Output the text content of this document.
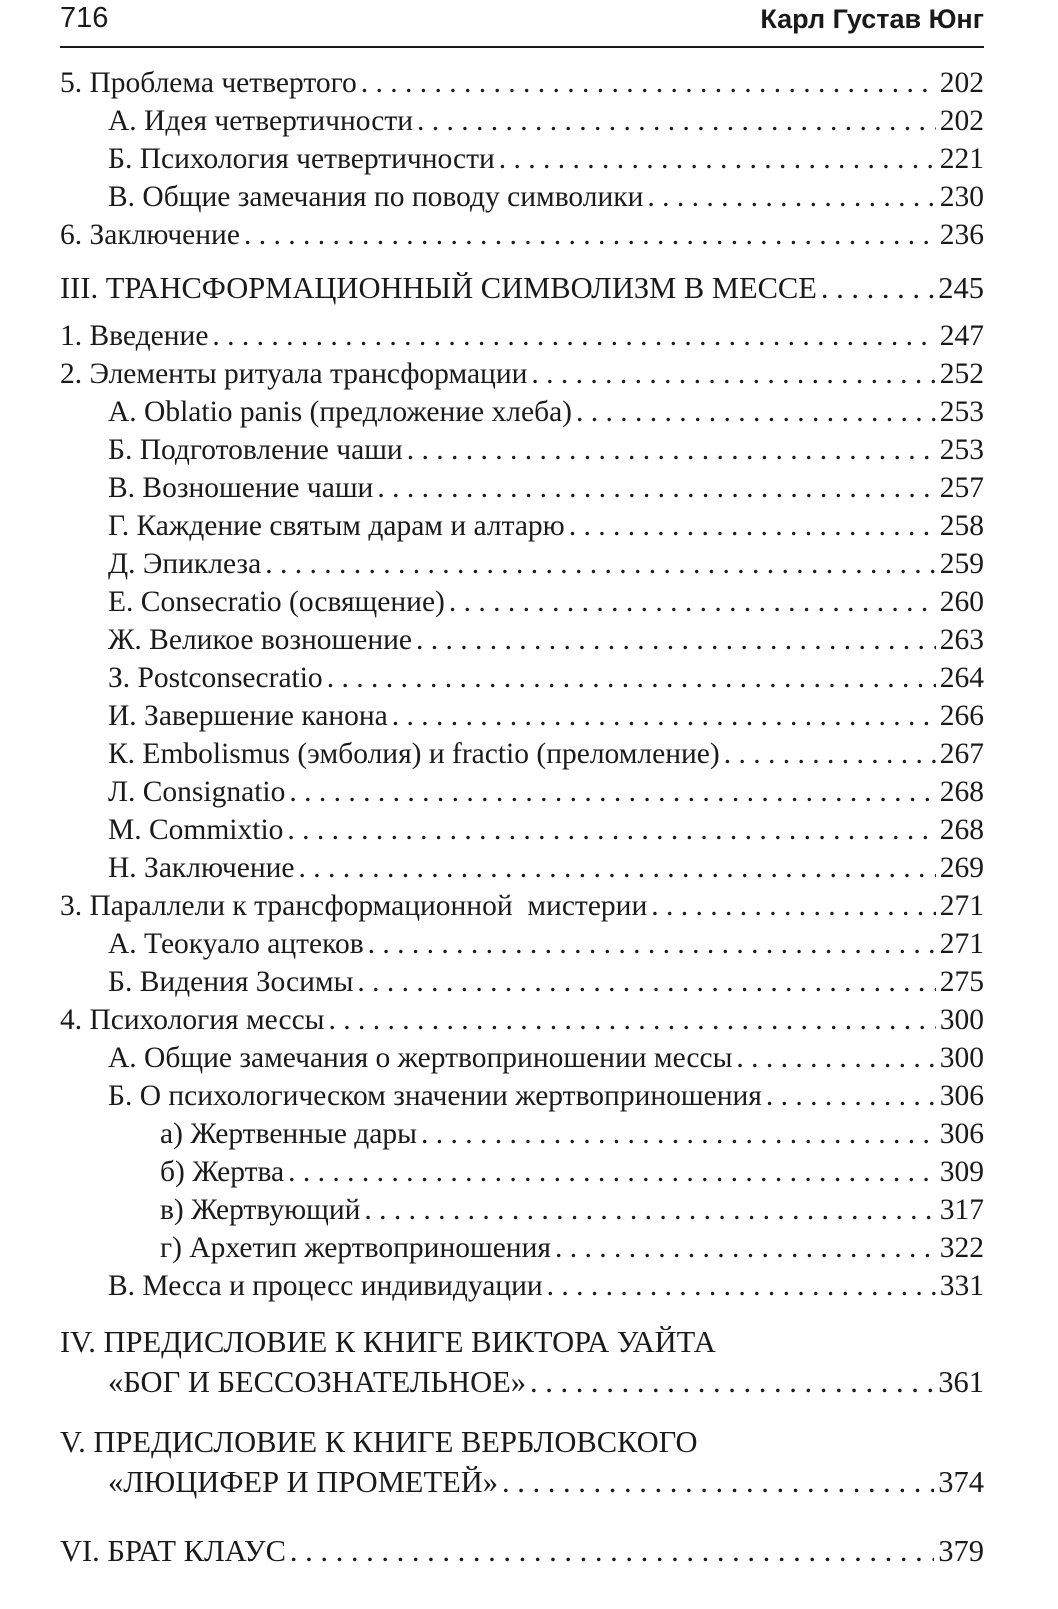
716	Карл Густав Юнг
5. Проблема четвертого . . .	202
А. Идея четвертичности . . .	202
Б. Психология четвертичности . . .	221
В. Общие замечания по поводу символики . . .	230
6. Заключение . . .	236
III. ТРАНСФОРМАЦИОННЫЙ СИМВОЛИЗМ В МЕССЕ . . .	245
1. Введение . . .	247
2. Элементы ритуала трансформации . . .	252
А. Oblatio panis (предложение хлеба) . . .	253
Б. Подготовление чаши . . .	253
В. Возношение чаши . . .	257
Г. Каждение святым дарам и алтарю . . .	258
Д. Эпиклеза . . .	259
Е. Consecratio (освящение) . . .	260
Ж. Великое возношение . . .	263
З. Postconsecratio . . .	264
И. Завершение канона . . .	266
К. Embolismus (эмболия) и fractio (преломление) . . .	267
Л. Consignatio . . .	268
М. Commixtio . . .	268
Н. Заключение . . .	269
3. Параллели к трансформационной  мистерии . . .	271
А. Теокуало ацтеков . . .	271
Б. Видения Зосимы . . .	275
4. Психология мессы . . .	300
А. Общие замечания о жертвоприношении мессы . . .	300
Б. О психологическом значении жертвоприношения . . .	306
а) Жертвенные дары . . .	306
б) Жертва . . .	309
в) Жертвующий . . .	317
г) Архетип жертвоприношения . . .	322
В. Месса и процесс индивидуации . . .	331
IV. ПРЕДИСЛОВИЕ К КНИГЕ ВИКТОРА УАЙТА
«БОГ И БЕССОЗНАТЕЛЬНОЕ» . . .	361
V. ПРЕДИСЛОВИЕ К КНИГЕ ВЕРБЛОВСКОГО
«ЛЮЦИФЕР И ПРОМЕТЕЙ» . . .	374
VI. БРАТ КЛАУС . . .	379
